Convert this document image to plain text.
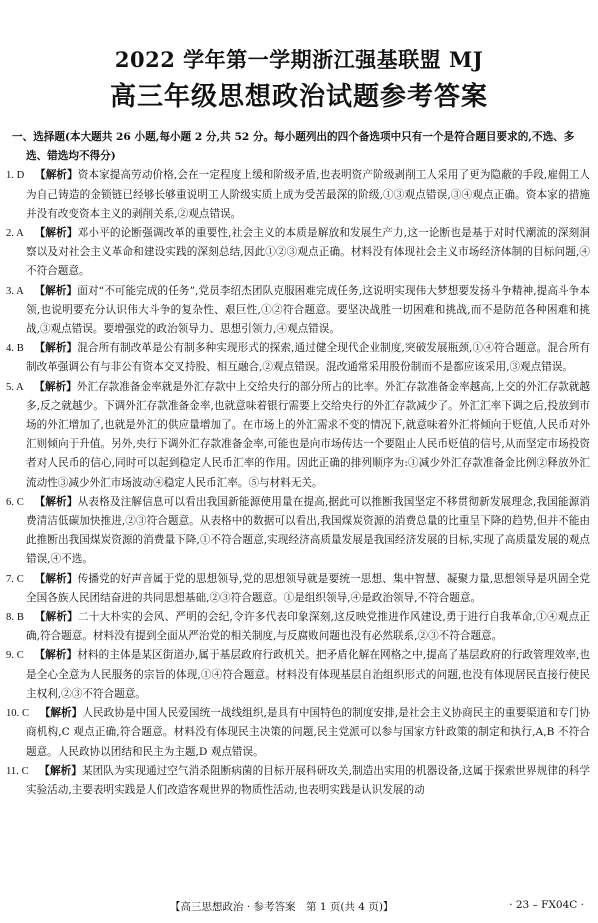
2022 学年第一学期浙江强基联盟 MJ
高三年级思想政治试题参考答案
一、选择题(本大题共 26 小题,每小题 2 分,共 52 分。每小题列出的四个备选项中只有一个是符合题目要求的,不选、多选、错选均不得分)
1. D  【解析】资本家提高劳动价格,会在一定程度上缓和阶级矛盾,也表明资产阶级剥削工人采用了更为隐蔽的手段,雇佣工人为自己铸造的金锁链已经够长够重说明工人阶级实质上成为受苦最深的阶级,①③观点错误,③④观点正确。资本家的措施并没有改变资本主义的剥削关系,②观点错误。
2. A  【解析】邓小平的论断强调改革的重要性,社会主义的本质是解放和发展生产力,这一论断也是基于对时代潮流的深刻洞察以及对社会主义革命和建设实践的深刻总结,因此①②③观点正确。材料没有体现社会主义市场经济体制的目标问题,④不符合题意。
3. A  【解析】面对“不可能完成的任务”,党员李绍杰团队克服困难完成任务,这说明实现伟大梦想要发扬斗争精神,提高斗争本领,也说明要充分认识伟大斗争的复杂性、艰巨性,①②符合题意。要坚决战胜一切困难和挑战,而不是防范各种困难和挑战,③观点错误。要增强党的政治领导力、思想引领力,④观点错误。
4. B  【解析】混合所有制改革是公有制多种实现形式的探索,通过健全现代企业制度,突破发展瓶颈,①④符合题意。混合所有制改革强调公有与非公有资本交叉持股、相互融合,②观点错误。混改通常采用股份制而不是都应该采用,③观点错误。
5. A  【解析】外汇存款准备金率就是外汇存款中上交给央行的部分所占的比率。外汇存款准备金率越高,上交的外汇存款就越多,反之就越少。下调外汇存款准备金率,也就意味着银行需要上交给央行的外汇存款减少了。外汇汇率下调之后,投放到市场的外汇增加了,也就是外汇的供应量增加了。在市场上的外汇需求不变的情况下,就意味着外汇将倾向于贬值,人民币对外汇则倾向于升值。另外,央行下调外汇存款准备金率,可能也是向市场传达一个要阻止人民币贬值的信号,从而坚定市场投资者对人民币的信心,同时可以起到稳定人民币汇率的作用。因此正确的排列顺序为:①减少外汇存款准备金比例②释放外汇流动性③减少外汇市场波动④稳定人民币汇率。⑤与材料无关。
6. C  【解析】从表格及注解信息可以看出我国新能源使用量在提高,据此可以推断我国坚定不移贯彻新发展理念,我国能源消费清洁低碳加快推进,②③符合题意。从表格中的数据可以看出,我国煤炭资源的消费总量的比重呈下降的趋势,但并不能由此推断出我国煤炭资源的消费量下降,①不符合题意,实现经济高质量发展是我国经济发展的目标,实现了高质量发展的观点错误,④不选。
7. C  【解析】传播党的好声音属于党的思想领导,党的思想领导就是要统一思想、集中智慧、凝聚力量,思想领导是巩固全党全国各族人民团结奋进的共同思想基础,②③符合题意。①是组织领导,④是政治领导,不符合题意。
8. B  【解析】二十大朴实的会风、严明的会纪,令许多代表印象深刻,这反映党推进作风建设,勇于进行自我革命,①④观点正确,符合题意。材料没有提到全面从严治党的相关制度,与反腐败问题也没有必然联系,②③不符合题意。
9. C  【解析】材料的主体是某区街道办,属于基层政府行政机关。把矛盾化解在网格之中,提高了基层政府的行政管理效率,也是全心全意为人民服务的宗旨的体现,①④符合题意。材料没有体现基层自治组织形式的问题,也没有体现居民直接行使民主权利,②③不符合题意。
10. C  【解析】人民政协是中国人民爱国统一战线组织,是具有中国特色的制度安排,是社会主义协商民主的重要渠道和专门协商机构,C 观点正确,符合题意。材料没有体现民主决策的问题,民主党派可以参与国家方针政策的制定和执行,A,B 不符合题意。人民政协以团结和民主为主题,D 观点错误。
11. C  【解析】某团队为实现通过空气消杀阻断病菌的目标开展科研攻关,制造出实用的机器设备,这属于探索世界规律的科学实验活动,主要表明实践是人们改造客观世界的物质性活动,也表明实践是认识发展的动
【高三思想政治 · 参考答案　第 1 页(共 4 页)】	· 23 – FX04C ·
